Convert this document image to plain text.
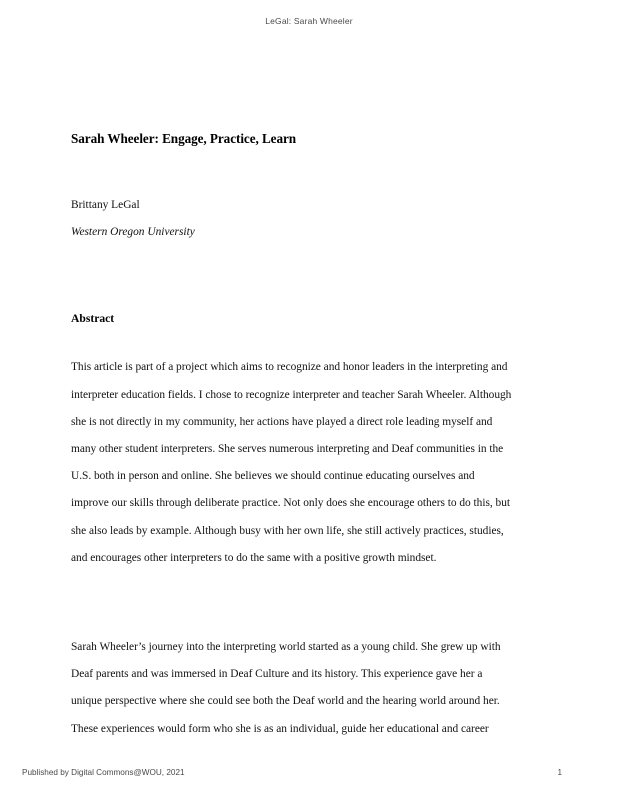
LeGal: Sarah Wheeler
Sarah Wheeler: Engage, Practice, Learn
Brittany LeGal
Western Oregon University
Abstract
This article is part of a project which aims to recognize and honor leaders in the interpreting and
interpreter education fields. I chose to recognize interpreter and teacher Sarah Wheeler. Although
she is not directly in my community, her actions have played a direct role leading myself and
many other student interpreters. She serves numerous interpreting and Deaf communities in the
U.S. both in person and online. She believes we should continue educating ourselves and
improve our skills through deliberate practice. Not only does she encourage others to do this, but
she also leads by example. Although busy with her own life, she still actively practices, studies,
and encourages other interpreters to do the same with a positive growth mindset.
Sarah Wheeler’s journey into the interpreting world started as a young child. She grew up with
Deaf parents and was immersed in Deaf Culture and its history. This experience gave her a
unique perspective where she could see both the Deaf world and the hearing world around her.
These experiences would form who she is as an individual, guide her educational and career
Published by Digital Commons@WOU, 2021	1
